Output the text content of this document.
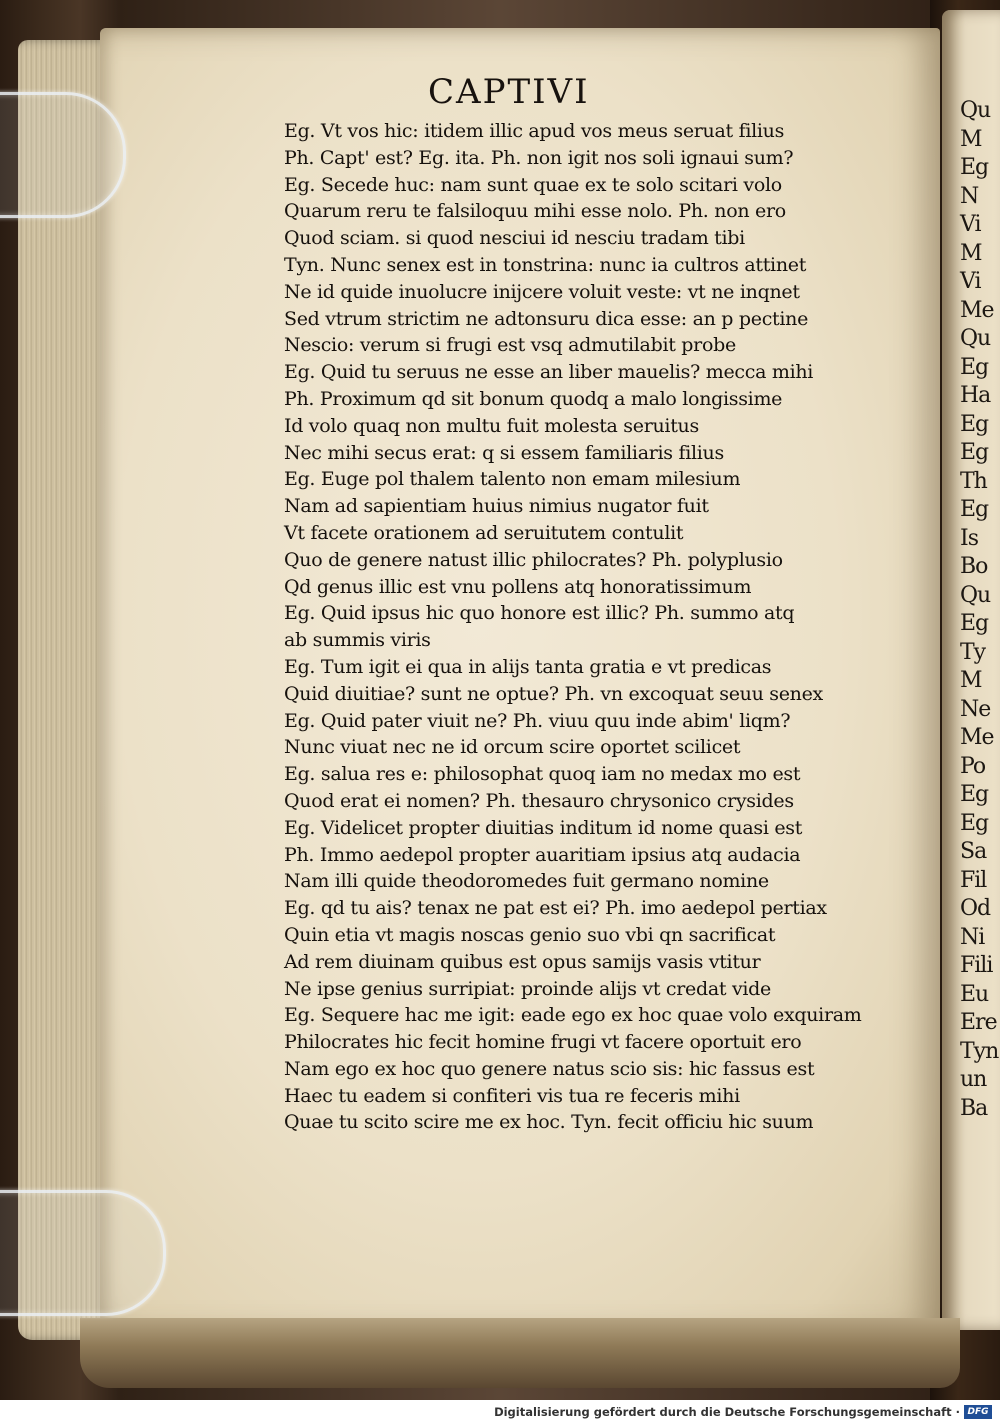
Qu
M
Eg
N
Vi
M
Vi
Me
Qu
Eg
Ha
Eg
Eg
Th
Eg
Is
Bo
Qu
Eg
Ty
M
Ne
Me
Po
Eg
Eg
Sa
Fil
Od
Ni
Fili
Eu
Ere
Tyn
un
Ba
CAPTIVI
Eg. Vt vos hic: itidem illic apud vos meus seruat filius
Ph. Capt' est? Eg. ita. Ph. non igit nos soli ignaui sum?
Eg. Secede huc: nam sunt quae ex te solo scitari volo
Quarum reru te falsiloquu mihi esse nolo. Ph. non ero
Quod sciam. si quod nesciui id nesciu tradam tibi
Tyn. Nunc senex est in tonstrina: nunc ia cultros attinet
Ne id quide inuolucre inijcere voluit veste: vt ne inqnet
Sed vtrum strictim ne adtonsuru dica esse: an p pectine
Nescio: verum si frugi est vsq admutilabit probe
Eg. Quid tu seruus ne esse an liber mauelis? mecca mihi
Ph. Proximum qd sit bonum quodq a malo longissime
Id volo quaq non multu fuit molesta seruitus
Nec mihi secus erat: q si essem familiaris filius
Eg. Euge pol thalem talento non emam milesium
Nam ad sapientiam huius nimius nugator fuit
Vt facete orationem ad seruitutem contulit
Quo de genere natust illic philocrates? Ph. polyplusio
Qd genus illic est vnu pollens atq honoratissimum
Eg. Quid ipsus hic quo honore est illic? Ph. summo atq
ab summis viris
Eg. Tum igit ei qua in alijs tanta gratia e vt predicas
Quid diuitiae? sunt ne optue? Ph. vn excoquat seuu senex
Eg. Quid pater viuit ne? Ph. viuu quu inde abim' liqm?
Nunc viuat nec ne id orcum scire oportet scilicet
Eg. salua res e: philosophat quoq iam no medax mo est
Quod erat ei nomen? Ph. thesauro chrysonico crysides
Eg. Videlicet propter diuitias inditum id nome quasi est
Ph. Immo aedepol propter auaritiam ipsius atq audacia
Nam illi quide theodoromedes fuit germano nomine
Eg. qd tu ais? tenax ne pat est ei? Ph. imo aedepol pertiax
Quin etia vt magis noscas genio suo vbi qn sacrificat
Ad rem diuinam quibus est opus samijs vasis vtitur
Ne ipse genius surripiat: proinde alijs vt credat vide
Eg. Sequere hac me igit: eade ego ex hoc quae volo exquiram
Philocrates hic fecit homine frugi vt facere oportuit ero
Nam ego ex hoc quo genere natus scio sis: hic fassus est
Haec tu eadem si confiteri vis tua re feceris mihi
Quae tu scito scire me ex hoc. Tyn. fecit officiu hic suum
Digitalisierung gefördert durch die Deutsche Forschungsgemeinschaft · DFG
